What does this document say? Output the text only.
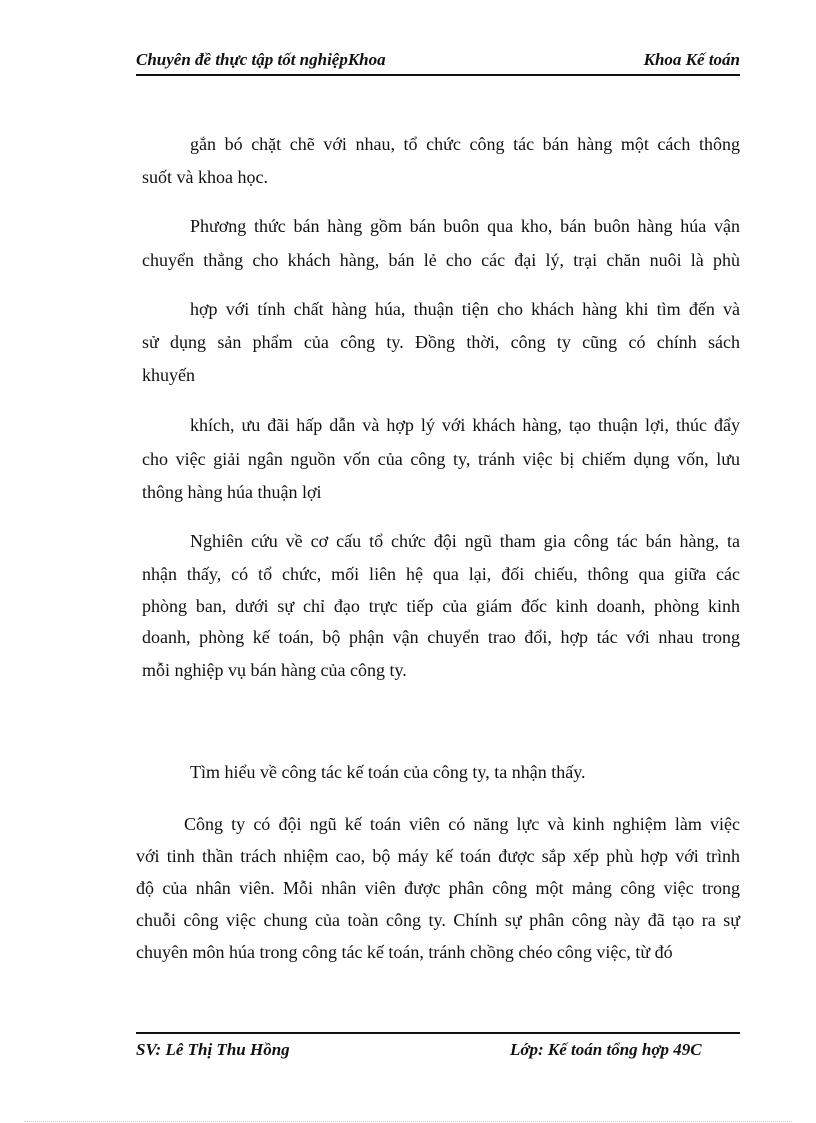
Chuyên đề thực tập tốt nghiệpKhoa	Khoa Kế toán
gắn bó chặt chẽ với nhau, tổ chức công tác bán hàng một cách thông
suốt và khoa học.
Phương thức bán hàng gồm bán buôn qua kho, bán buôn hàng húa vận
chuyển thẳng cho khách hàng, bán lẻ cho các đại lý, trại chăn nuôi là phù
hợp với tính chất hàng húa, thuận tiện cho khách hàng khi tìm đến và
sử dụng sản phẩm của công ty. Đồng thời, công ty cũng có chính sách
khuyến
khích, ưu đãi hấp dẫn và hợp lý với khách hàng, tạo thuận lợi, thúc đẩy
cho việc giải ngân nguồn vốn của công ty, tránh việc bị chiếm dụng vốn, lưu
thông hàng húa thuận lợi
Nghiên cứu về cơ cấu tổ chức đội ngũ tham gia công tác bán hàng, ta
nhận thấy, có tổ chức, mối liên hệ qua lại, đối chiếu, thông qua giữa các
phòng ban, dưới sự chỉ đạo trực tiếp của giám đốc kinh doanh, phòng kinh
doanh, phòng kế toán, bộ phận vận chuyển trao đổi, hợp tác với nhau trong
mỗi nghiệp vụ bán hàng của công ty.
Tìm hiểu về công tác kế toán của công ty, ta nhận thấy.
Công ty có đội ngũ kế toán viên có năng lực và kinh nghiệm làm việc
với tinh thần trách nhiệm cao, bộ máy kế toán được sắp xếp phù hợp với trình
độ của nhân viên. Mỗi nhân viên được phân công một mảng công việc trong
chuỗi công việc chung của toàn công ty. Chính sự phân công này đã tạo ra sự
chuyên môn húa trong công tác kế toán, tránh chồng chéo công việc, từ đó
SV: Lê Thị Thu Hồng	Lớp: Kế toán tổng hợp 49C
